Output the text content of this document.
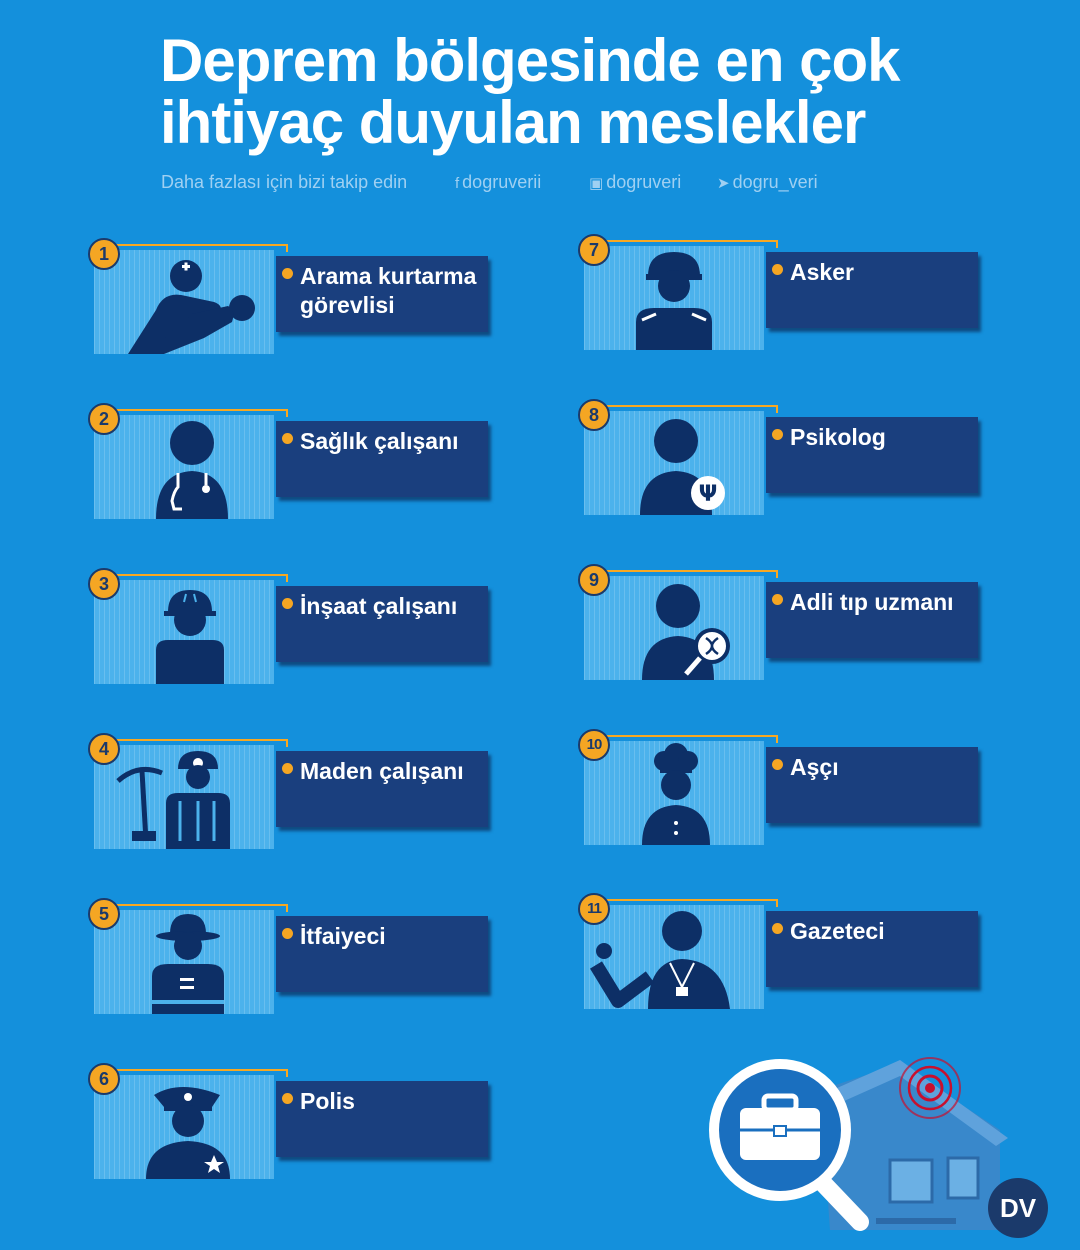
Deprem bölgesinde en çok
ihtiyaç duyulan meslekler
Daha fazlası için bizi takip edin	f dogruverii	▣ dogruveri ➤ dogru_veri
1
Arama kurtarma görevlisi
2
Sağlık çalışanı
3
İnşaat çalışanı
4
Maden çalışanı
5
İtfaiyeci
6
Polis
7
Asker
Ψ
8
Psikolog
9
Adli tıp uzmanı
10
Aşçı
11
Gazeteci
DV
